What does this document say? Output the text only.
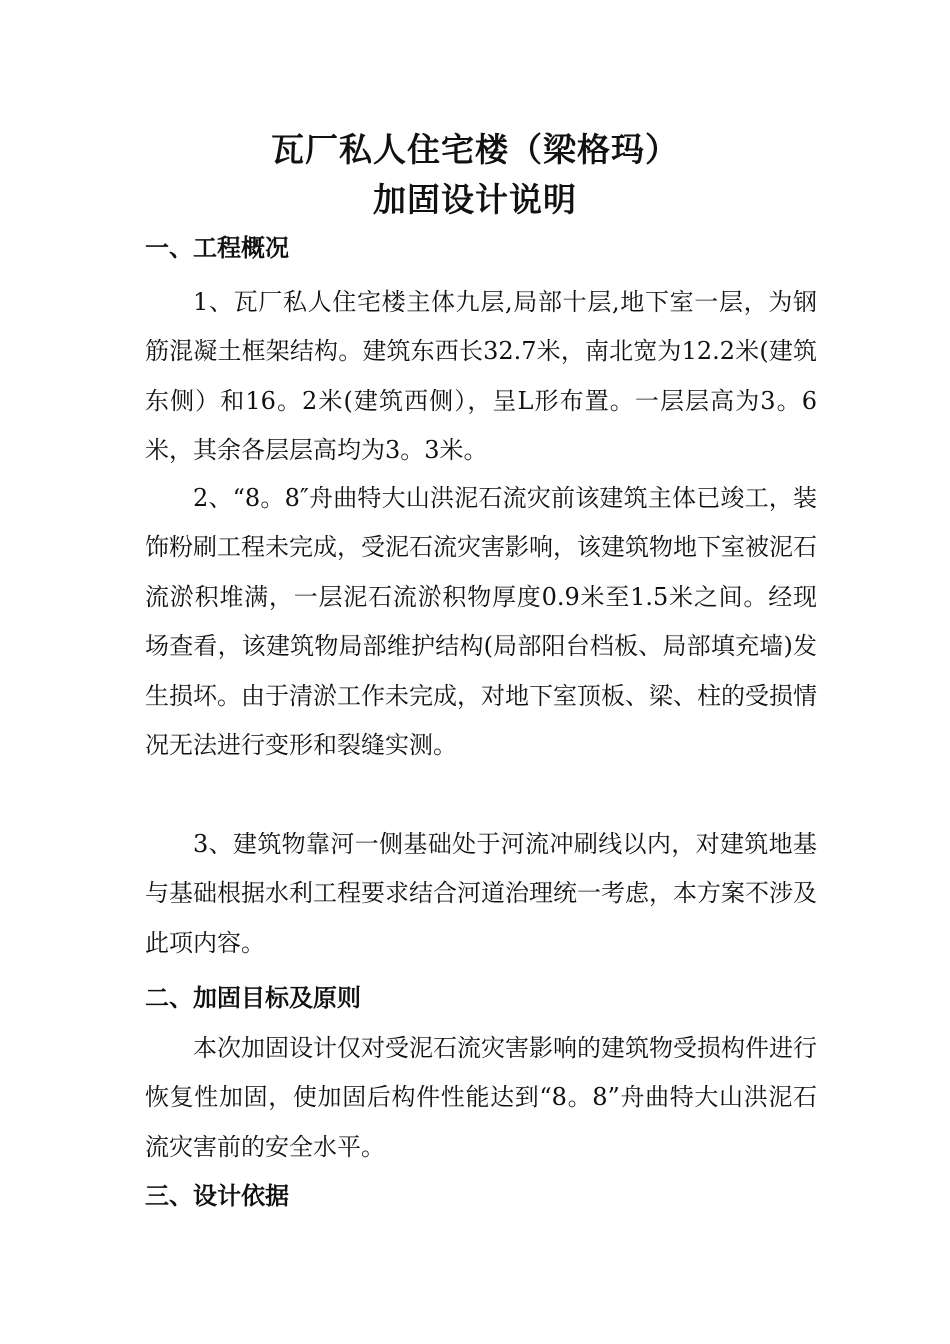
瓦厂私人住宅楼（梁格玛）
加固设计说明
一、工程概况

1、瓦厂私人住宅楼主体九层,局部十层,地下室一层，为钢筋混凝土框架结构。建筑东西长32.7米，南北宽为12.2米(建筑东侧）和16。2米(建筑西侧），呈L形布置。一层层高为3。6米，其余各层层高均为3。3米。

2、“8。8″舟曲特大山洪泥石流灾前该建筑主体已竣工，装饰粉刷工程未完成，受泥石流灾害影响，该建筑物地下室被泥石流淤积堆满，一层泥石流淤积物厚度0.9米至1.5米之间。经现场查看，该建筑物局部维护结构(局部阳台档板、局部填充墙)发生损坏。由于清淤工作未完成，对地下室顶板、梁、柱的受损情况无法进行变形和裂缝实测。

3、建筑物靠河一侧基础处于河流冲刷线以内，对建筑地基与基础根据水利工程要求结合河道治理统一考虑，本方案不涉及此项内容。

二、加固目标及原则

本次加固设计仅对受泥石流灾害影响的建筑物受损构件进行恢复性加固，使加固后构件性能达到“8。8”舟曲特大山洪泥石流灾害前的安全水平。

三、设计依据
